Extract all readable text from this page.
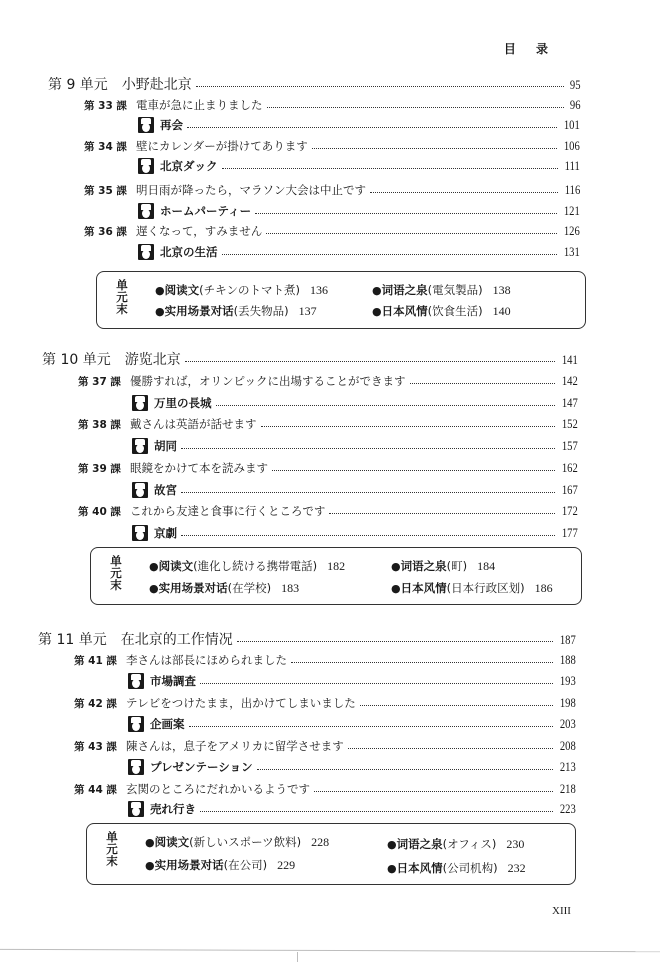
目 录
第 9 单元 小野赴北京	95
第 33 課 電車が急に止まりました	96
再会	101
第 34 課 壁にカレンダーが掛けてあります	106
北京ダック	111
第 35 課 明日雨が降ったら，マラソン大会は中止です	116
ホームパーティー	121
第 36 課 遅くなって，すみません	126
北京の生活	131
单元末
●阅读文(チキンのトマト煮) 136	●词语之泉(電気製品) 138
●实用场景对话(丢失物品) 137	●日本风情(饮食生活) 140
第 10 单元 游览北京	141
第 37 課 優勝すれば，オリンピックに出場することができます	142
万里の長城	147
第 38 課 戴さんは英語が話せます	152
胡同	157
第 39 課 眼鏡をかけて本を読みます	162
故宮	167
第 40 課 これから友達と食事に行くところです	172
京劇	177
单元末
●阅读文(進化し続ける携帯電話) 182	●词语之泉(町) 184
●实用场景对话(在学校) 183	●日本风情(日本行政区划) 186
第 11 单元 在北京的工作情况	187
第 41 課 李さんは部長にほめられました	188
市場調査	193
第 42 課 テレビをつけたまま，出かけてしまいました	198
企画案	203
第 43 課 陳さんは，息子をアメリカに留学させます	208
プレゼンテーション	213
第 44 課 玄関のところにだれかいるようです	218
売れ行き	223
单元末
●阅读文(新しいスポーツ飲料) 228	●词语之泉(オフィス) 230
●实用场景对话(在公司) 229	●日本风情(公司机构) 232
XIII
